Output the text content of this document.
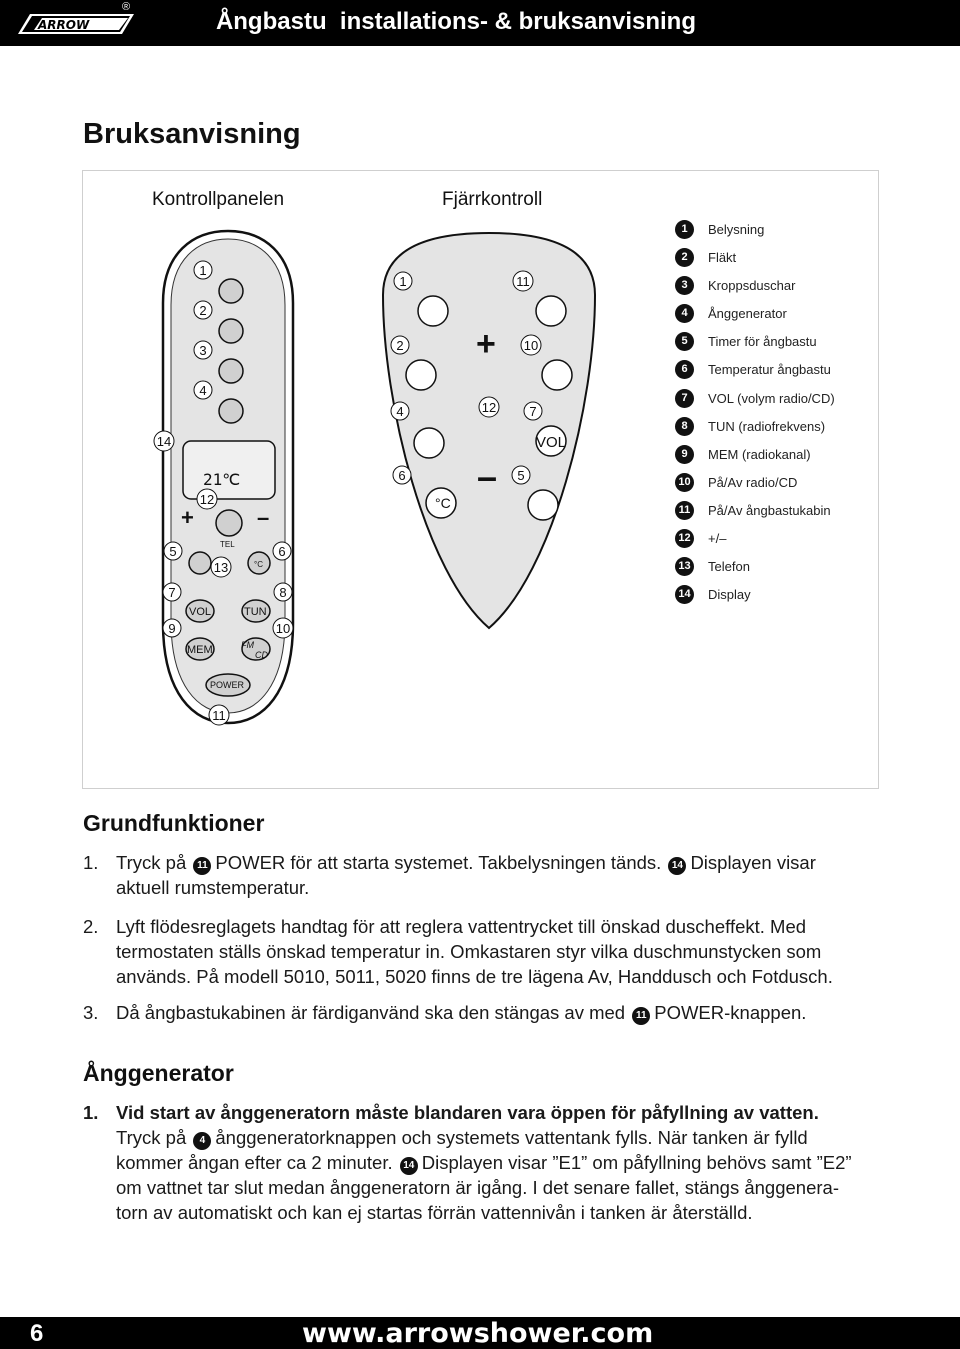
ARROW
®
Ångbastu  installations- & bruksanvisning
Bruksanvisning
Kontrollpanelen	Fjärrkontroll
21℃
+	–
TEL
°C
VOL	TUN
MEM	FM
CD
POWER
1
2
3
4
14
12
5
13
6
7	8
9	10
11
VOL
°C
+
–
1
2
4
6
11
10
12	7
5
1	Belysning
2	Fläkt
3	Kroppsduschar
4	Ånggenerator
5	Timer för ångbastu
6	Temperatur ångbastu
7	VOL (volym radio/CD)
8	TUN (radiofrekvens)
9	MEM (radiokanal)
10 På/Av radio/CD
11 På/Av ångbastukabin
12 +/–
13 Telefon
14 Display
Grundfunktioner
1. Tryck på 11 POWER för att starta systemet. Takbelysningen tänds. 14 Displayen visar aktuell rumstemperatur.
2. Lyft flödesreglagets handtag för att reglera vattentrycket till önskad duscheffekt. Med termostaten ställs önskad temperatur in. Omkastaren styr vilka duschmunstycken som används. På modell 5010, 5011, 5020 finns de tre lägena Av, Handdusch och Fotdusch.
3. Då ångbastukabinen är färdiganvänd ska den stängas av med 11 POWER-knappen.
Ånggenerator
1. Vid start av ånggeneratorn måste blandaren vara öppen för påfyllning av vatten.
Tryck på 4 ånggeneratorknappen och systemets vattentank fylls. När tanken är fylld kommer ångan efter ca 2 minuter. 14 Displayen visar ”E1” om påfyllning behövs samt ”E2” om vattnet tar slut medan ånggeneratorn är igång. I det senare fallet, stängs ånggenera-torn av automatiskt och kan ej startas förrän vattennivån i tanken är återställd.
6	www.arrowshower.com
